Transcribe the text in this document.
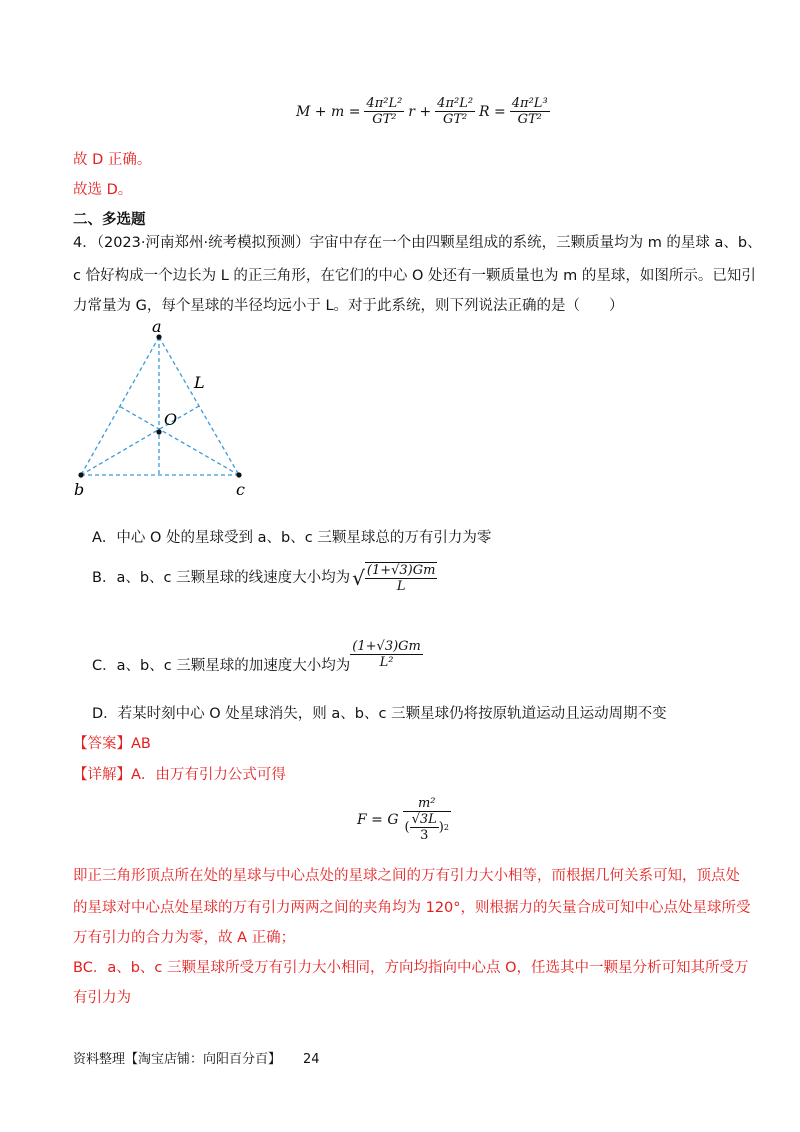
$M + m = \frac{\text{4π²L²}}{\text{GT²}}$ $r + \frac{\text{4π²L²}}{\text{GT²}}$ $R = \frac{\text{4π²L³}}{\text{GT²}}$
故 D 正确。
故选 D。
二、多选题
4．（2023·河南郑州·统考模拟预测）宇宙中存在一个由四颗星组成的系统，三颗质量均为 m 的星球 a、b、
c 恰好构成一个边长为 L 的正三角形，在它们的中心 O 处还有一颗质量也为 m 的星球，如图所示。已知引
力常量为 G，每个星球的半径均远小于 L。对于此系统，则下列说法正确的是（　　）
a
b	c
O
L
A．中心 O 处的星球受到 a、b、c 三颗星球总的万有引力为零
B．a、b、c 三颗星球的线速度大小均为 √ $\frac{(1+√3)Gm}{L}$
C．a、b、c 三颗星球的加速度大小均为 $\frac{(1+√3)Gm}{\text{L²}}$
D．若某时刻中心 O 处星球消失，则 a、b、c 三颗星球仍将按原轨道运动且运动周期不变
【答案】AB
【详解】A．由万有引力公式可得
F = G $\frac{\text{m²}}{( \frac{√3L}{3} ) 2}$
即正三角形顶点所在处的星球与中心点处的星球之间的万有引力大小相等，而根据几何关系可知，顶点处
的星球对中心点处星球的万有引力两两之间的夹角均为 120°，则根据力的矢量合成可知中心点处星球所受
万有引力的合力为零，故 A 正确；
BC．a、b、c 三颗星球所受万有引力大小相同，方向均指向中心点 O，任选其中一颗星分析可知其所受万
有引力为
资料整理【淘宝店铺：向阳百分百】 24
